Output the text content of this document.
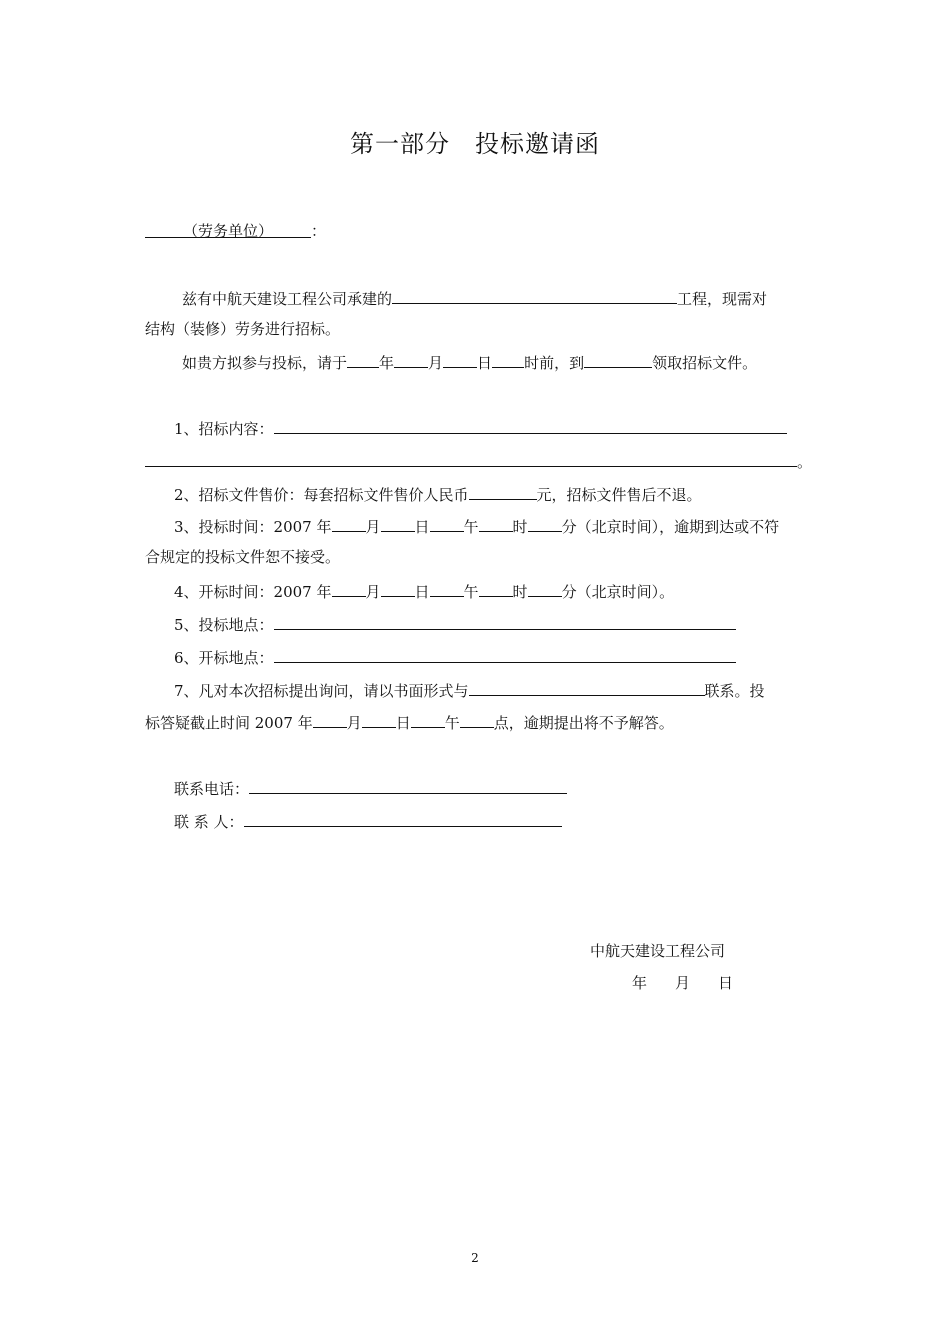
第一部分　投标邀请函
（劳务单位）	：
兹有中航天建设工程公司承建的	工程，现需对
结构（装修）劳务进行招标。
如贵方拟参与投标，请于 年 月 日 时前，到	领取招标文件。
1、招标内容：
。
2、招标文件售价：每套招标文件售价人民币	元，招标文件售后不退。
3、投标时间：2007 年 月 日 午 时 分（北京时间），逾期到达或不符
合规定的投标文件恕不接受。
4、开标时间：2007 年 月 日 午 时 分（北京时间）。
5、投标地点：
6、开标地点：
7、凡对本次招标提出询问，请以书面形式与	联系。投
标答疑截止时间 2007 年 月 日 午 点，逾期提出将不予解答。
联系电话：
联 系 人：
中航天建设工程公司
年 月 日
2
